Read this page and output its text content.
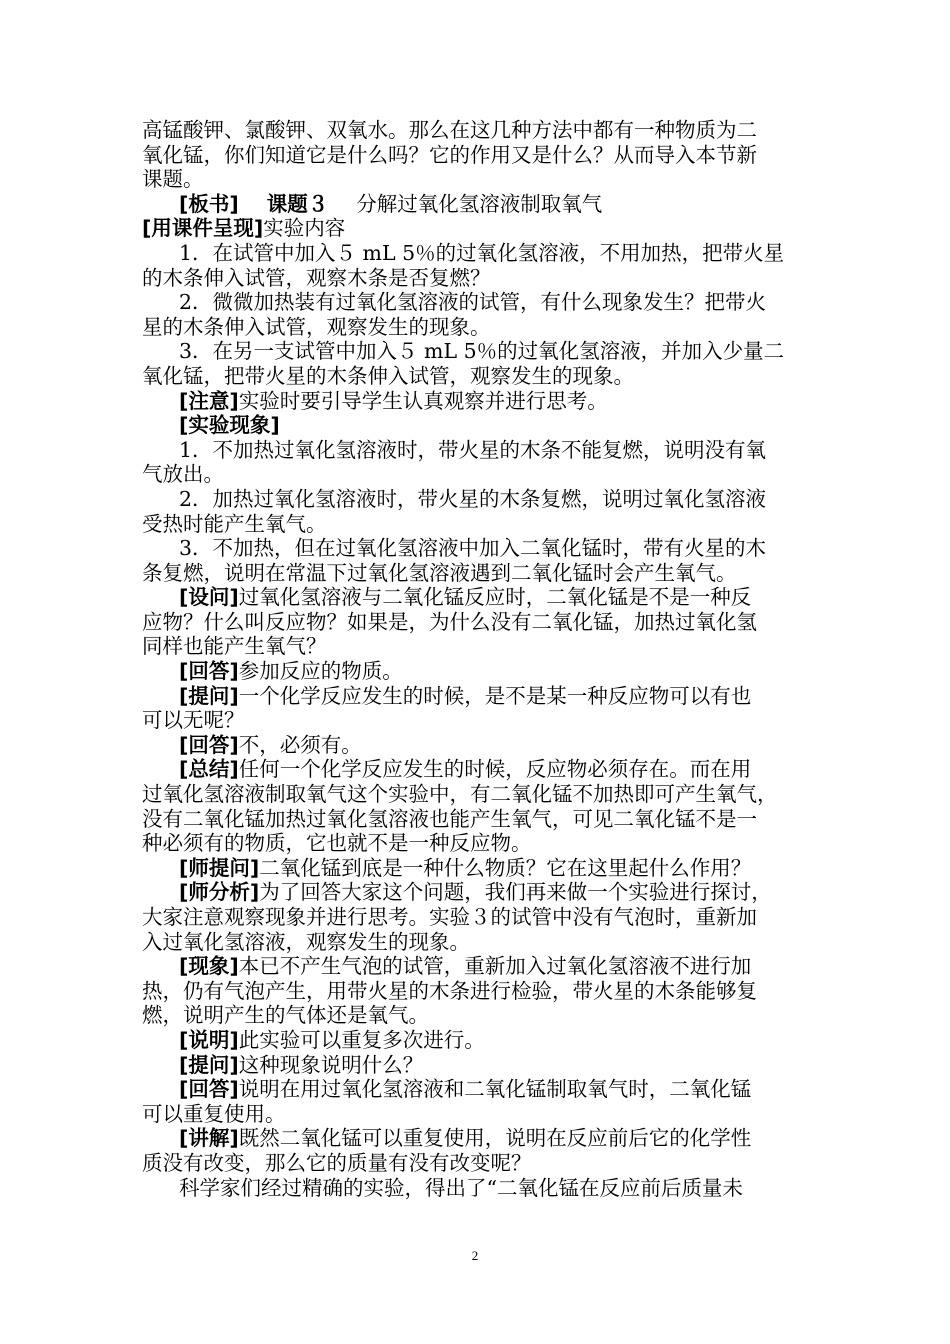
高锰酸钾、氯酸钾、双氧水。那么在这几种方法中都有一种物质为二
氧化锰，你们知道它是什么吗？它的作用又是什么？从而导入本节新
课题。
[板书] 课题３ 分解过氧化氢溶液制取氧气
[用课件呈现]实验内容
1．在试管中加入５ mL 5％的过氧化氢溶液，不用加热，把带火星
的木条伸入试管，观察木条是否复燃？
2．微微加热装有过氧化氢溶液的试管，有什么现象发生？把带火
星的木条伸入试管，观察发生的现象。
3．在另一支试管中加入５ mL 5％的过氧化氢溶液，并加入少量二
氧化锰，把带火星的木条伸入试管，观察发生的现象。
[注意]实验时要引导学生认真观察并进行思考。
[实验现象]
1．不加热过氧化氢溶液时，带火星的木条不能复燃，说明没有氧
气放出。
2．加热过氧化氢溶液时，带火星的木条复燃，说明过氧化氢溶液
受热时能产生氧气。
3．不加热，但在过氧化氢溶液中加入二氧化锰时，带有火星的木
条复燃，说明在常温下过氧化氢溶液遇到二氧化锰时会产生氧气。
[设问]过氧化氢溶液与二氧化锰反应时，二氧化锰是不是一种反
应物？什么叫反应物？如果是，为什么没有二氧化锰，加热过氧化氢
同样也能产生氧气？
[回答]参加反应的物质。
[提问]一个化学反应发生的时候，是不是某一种反应物可以有也
可以无呢？
[回答]不，必须有。
[总结]任何一个化学反应发生的时候，反应物必须存在。而在用
过氧化氢溶液制取氧气这个实验中，有二氧化锰不加热即可产生氧气，
没有二氧化锰加热过氧化氢溶液也能产生氧气，可见二氧化锰不是一
种必须有的物质，它也就不是一种反应物。
[师提问]二氧化锰到底是一种什么物质？它在这里起什么作用？
[师分析]为了回答大家这个问题，我们再来做一个实验进行探讨，
大家注意观察现象并进行思考。实验３的试管中没有气泡时，重新加
入过氧化氢溶液，观察发生的现象。
[现象]本已不产生气泡的试管，重新加入过氧化氢溶液不进行加
热，仍有气泡产生，用带火星的木条进行检验，带火星的木条能够复
燃，说明产生的气体还是氧气。
[说明]此实验可以重复多次进行。
[提问]这种现象说明什么？
[回答]说明在用过氧化氢溶液和二氧化锰制取氧气时，二氧化锰
可以重复使用。
[讲解]既然二氧化锰可以重复使用，说明在反应前后它的化学性
质没有改变，那么它的质量有没有改变呢？
科学家们经过精确的实验，得出了“二氧化锰在反应前后质量未
2
